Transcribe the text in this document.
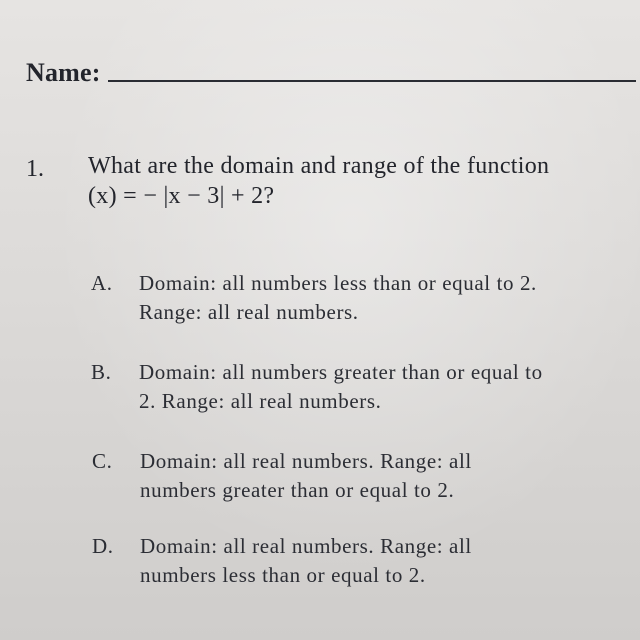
Name:
1. What are the domain and range of the function
(x) = − |x − 3| + 2?
A. Domain: all numbers less than or equal to 2.
Range: all real numbers.
B. Domain: all numbers greater than or equal to
2. Range: all real numbers.
C. Domain: all real numbers. Range: all
numbers greater than or equal to 2.
D. Domain: all real numbers. Range: all
numbers less than or equal to 2.
